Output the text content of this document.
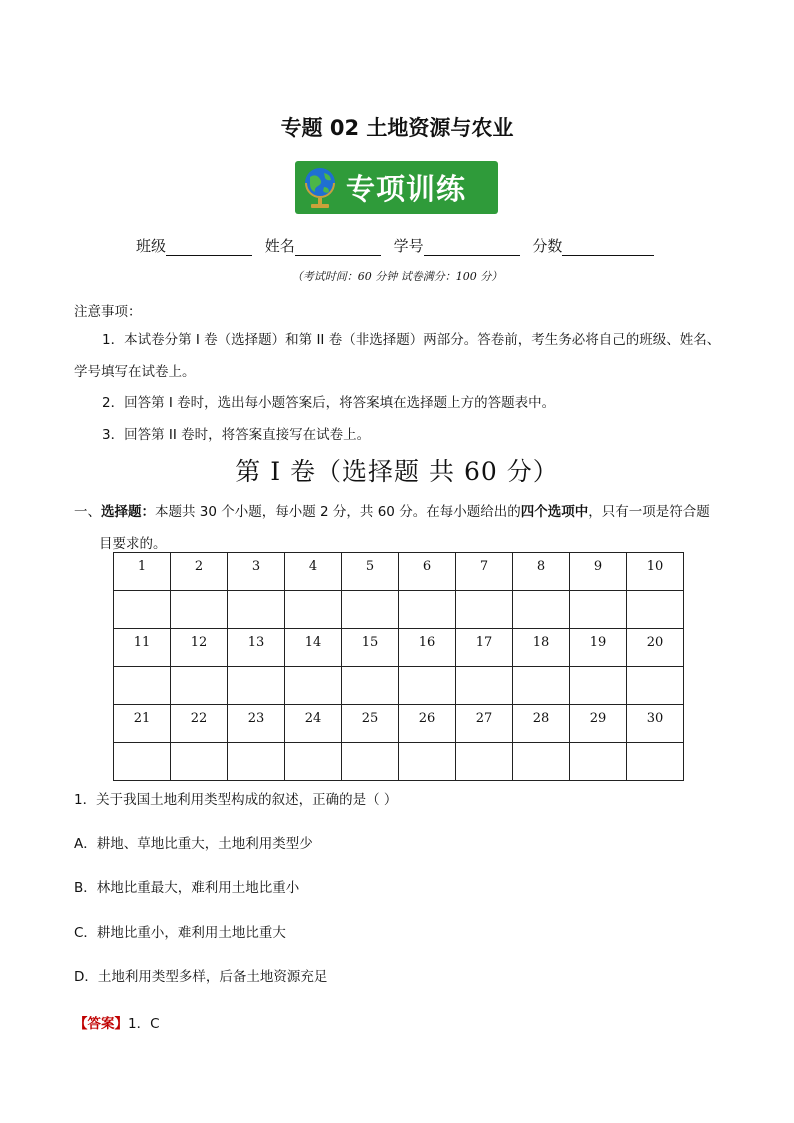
专题 02 土地资源与农业
专项训练
班级	姓名	学号	分数
（考试时间：60 分钟 试卷满分：100 分）
注意事项：
1．本试卷分第 I 卷（选择题）和第 II 卷（非选择题）两部分。答卷前，考生务必将自己的班级、姓名、
学号填写在试卷上。
2．回答第 I 卷时，选出每小题答案后，将答案填在选择题上方的答题表中。
3．回答第 II 卷时，将答案直接写在试卷上。
第 I 卷（选择题 共 60 分）
一、选择题：本题共 30 个小题，每小题 2 分，共 60 分。在每小题给出的四个选项中，只有一项是符合题
目要求的。
1	2	3	4	5	6	7	8	9	10

11	12	13	14	15	16	17	18	19	20

21	22	23	24	25	26	27	28	29	30

1．关于我国土地利用类型构成的叙述，正确的是（ ）
A．耕地、草地比重大，土地利用类型少
B．林地比重最大，难利用土地比重小
C．耕地比重小，难利用土地比重大
D．土地利用类型多样，后备土地资源充足
【答案】1．C
